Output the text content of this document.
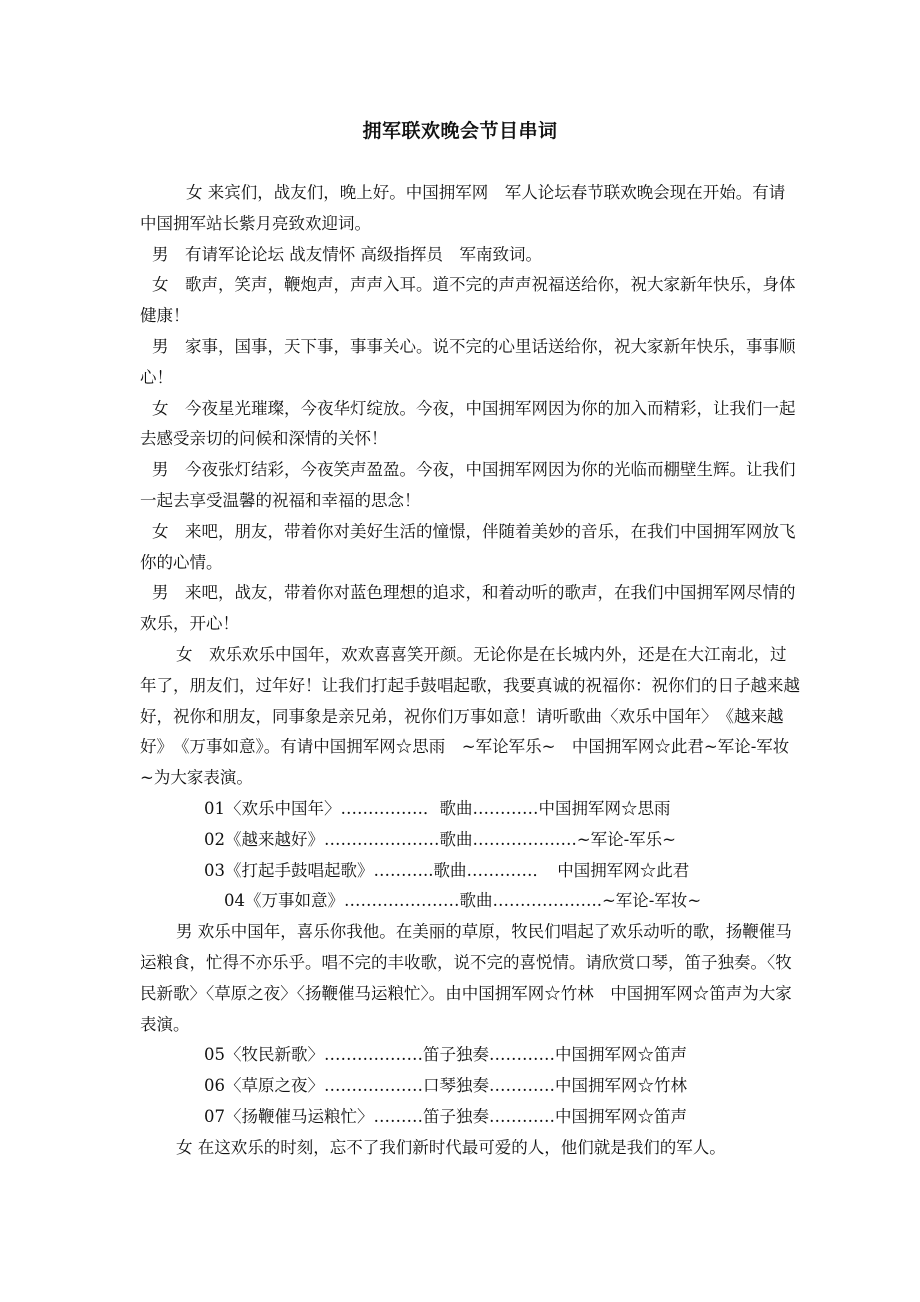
拥军联欢晚会节目串词

女 来宾们，战友们，晚上好。中国拥军网　军人论坛春节联欢晚会现在开始。有请中国拥军站长紫月亮致欢迎词。

男　有请军论论坛 战友情怀 高级指挥员　军南致词。

女　歌声，笑声，鞭炮声，声声入耳。道不完的声声祝福送给你，祝大家新年快乐，身体健康！

男　家事，国事，天下事，事事关心。说不完的心里话送给你，祝大家新年快乐，事事顺心！

女　今夜星光璀璨，今夜华灯绽放。今夜，中国拥军网因为你的加入而精彩，让我们一起去感受亲切的问候和深情的关怀！

男　今夜张灯结彩，今夜笑声盈盈。今夜，中国拥军网因为你的光临而棚壁生辉。让我们一起去享受温馨的祝福和幸福的思念！

女　来吧，朋友，带着你对美好生活的憧憬，伴随着美妙的音乐，在我们中国拥军网放飞你的心情。

男　来吧，战友，带着你对蓝色理想的追求，和着动听的歌声，在我们中国拥军网尽情的欢乐，开心！

女　欢乐欢乐中国年，欢欢喜喜笑开颜。无论你是在长城内外，还是在大江南北，过年了，朋友们，过年好！让我们打起手鼓唱起歌，我要真诚的祝福你：祝你们的日子越来越好，祝你和朋友，同事象是亲兄弟，祝你们万事如意！请听歌曲〈欢乐中国年〉　《越来越好》　《万事如意》。有请中国拥军网☆思雨　~军论军乐~　中国拥军网☆此君~军论-军妆~为大家表演。

01〈欢乐中国年〉……………．歌曲…………中国拥军网☆思雨

02《越来越好》…………………歌曲……………….~军论-军乐~

03《打起手鼓唱起歌》………..歌曲…………．　中国拥军网☆此君

04《万事如意》…………………歌曲………………..~军论-军妆~

男 欢乐中国年，喜乐你我他。在美丽的草原，牧民们唱起了欢乐动听的歌，扬鞭催马运粮食，忙得不亦乐乎。唱不完的丰收歌，说不完的喜悦情。请欣赏口琴，笛子独奏。〈牧民新歌〉〈草原之夜〉〈扬鞭催马运粮忙〉。由中国拥军网☆竹林　中国拥军网☆笛声为大家表演。

05〈牧民新歌〉………………笛子独奏…………中国拥军网☆笛声

06〈草原之夜〉………………口琴独奏…………中国拥军网☆竹林

07〈扬鞭催马运粮忙〉………笛子独奏…………中国拥军网☆笛声

女 在这欢乐的时刻，忘不了我们新时代最可爱的人，他们就是我们的军人。
